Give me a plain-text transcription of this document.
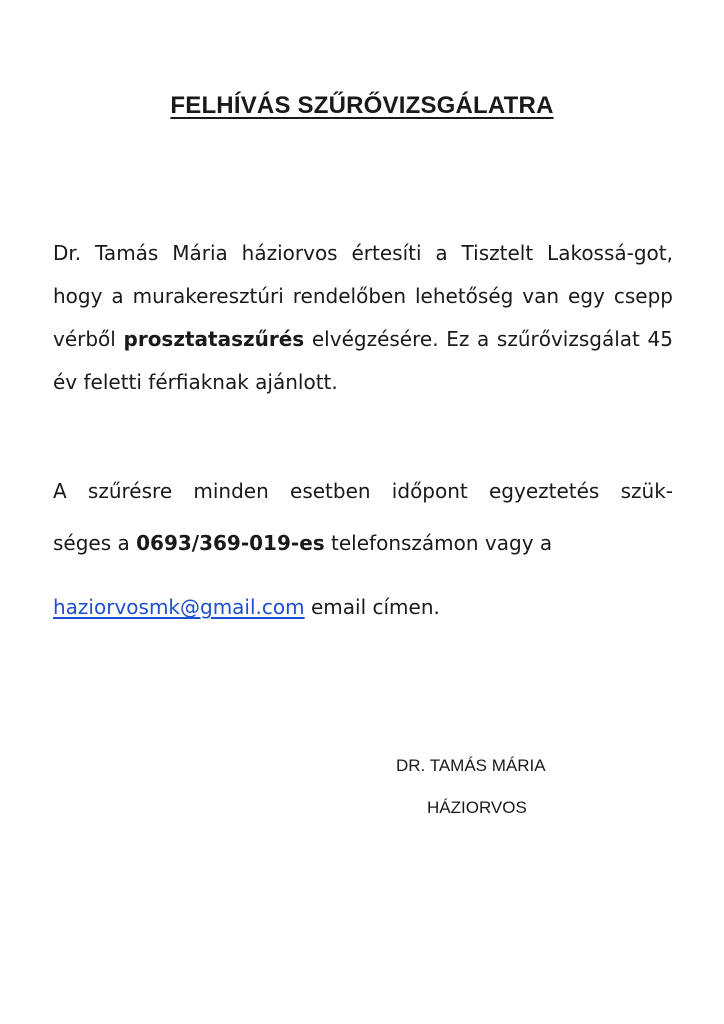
FELHÍVÁS SZŰRŐVIZSGÁLATRA

Dr. Tamás Mária háziorvos értesíti a Tisztelt Lakossá-got, hogy a murakeresztúri rendelőben lehetőség van egy csepp vérből prosztataszűrés elvégzésére. Ez a szűrővizsgálat 45 év feletti férfiaknak ajánlott.

A szűrésre minden esetben időpont egyeztetés szük-

séges a 0693/369-019-es telefonszámon vagy a

haziorvosmk@gmail.com email címen.

DR. TAMÁS MÁRIA
HÁZIORVOS
